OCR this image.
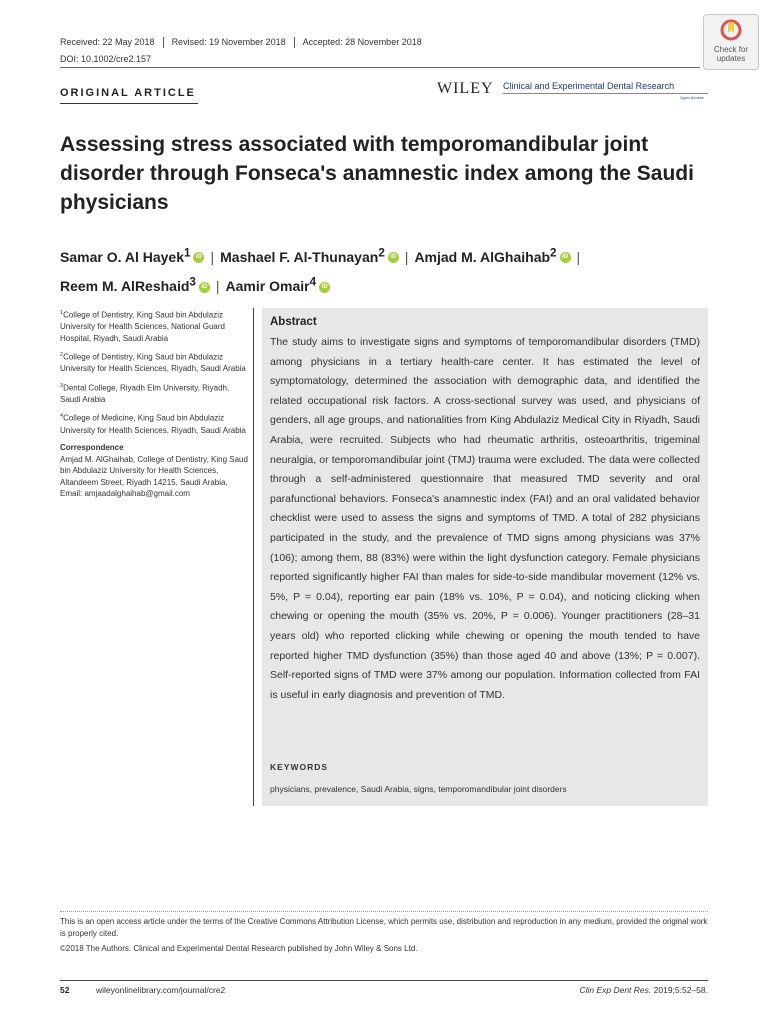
Received: 22 May 2018	Revised: 19 November 2018	Accepted: 28 November 2018
DOI: 10.1002/cre2.157
Check for
updates
ORIGINAL ARTICLE	WILEY Clinical and Experimental Dental Research
Open Access
Assessing stress associated with temporomandibular joint disorder through Fonseca's anamnestic index among the Saudi physicians
Samar O. Al Hayek$^1$ iD | Mashael F. Al-Thunayan$^2$ iD | Amjad M. AlGhaihab$^2$ iD |
Reem M. AlReshaid$^3$ iD | Aamir Omair$^4$ iD

$^1$College of Dentistry, King Saud bin Abdulaziz University for Health Sciences, National Guard Hospital, Riyadh, Saudi Arabia

$^2$College of Dentistry, King Saud bin Abdulaziz University for Health Sciences, Riyadh, Saudi Arabia

$^3$Dental College, Riyadh Elm University, Riyadh, Saudi Arabia

$^4$College of Medicine, King Saud bin Abdulaziz University for Health Sciences, Riyadh, Saudi Arabia

Correspondence
Amjad M. AlGhaihab, College of Dentistry, King Saud bin Abdulaziz University for Health Sciences, Altandeem Street, Riyadh 14215, Saudi Arabia.
Email: amjaadalghaihab@gmail.com
Abstract
The study aims to investigate signs and symptoms of temporomandibular disorders (TMD) among physicians in a tertiary health-care center. It has estimated the level of symptomatology, determined the association with demographic data, and identified the related occupational risk factors. A cross-sectional survey was used, and physicians of genders, all age groups, and nationalities from King Abdulaziz Medical City in Riyadh, Saudi Arabia, were recruited. Subjects who had rheumatic arthritis, osteoarthritis, trigeminal neuralgia, or temporomandibular joint (TMJ) trauma were excluded. The data were collected through a self-administered questionnaire that measured TMD severity and oral parafunctional behaviors. Fonseca's anamnestic index (FAI) and an oral validated behavior checklist were used to assess the signs and symptoms of TMD. A total of 282 physicians participated in the study, and the prevalence of TMD signs among physicians was 37% (106); among them, 88 (83%) were within the light dysfunction category. Female physicians reported significantly higher FAI than males for side-to-side mandibular movement (12% vs. 5%, P = 0.04), reporting ear pain (18% vs. 10%, P = 0.04), and noticing clicking when chewing or opening the mouth (35% vs. 20%, P = 0.006). Younger practitioners (28–31 years old) who reported clicking while chewing or opening the mouth tended to have reported higher TMD dysfunction (35%) than those aged 40 and above (13%; P = 0.007). Self-reported signs of TMD were 37% among our population. Information collected from FAI is useful in early diagnosis and prevention of TMD.
KEYWORDS
physicians, prevalence, Saudi Arabia, signs, temporomandibular joint disorders
This is an open access article under the terms of the Creative Commons Attribution License, which permits use, distribution and reproduction in any medium, provided the original work is properly cited.
©2018 The Authors. Clinical and Experimental Dental Research published by John Wiley & Sons Ltd.
52	wileyonlinelibrary.com/journal/cre2	Clin Exp Dent Res. 2019;5:52–58.
